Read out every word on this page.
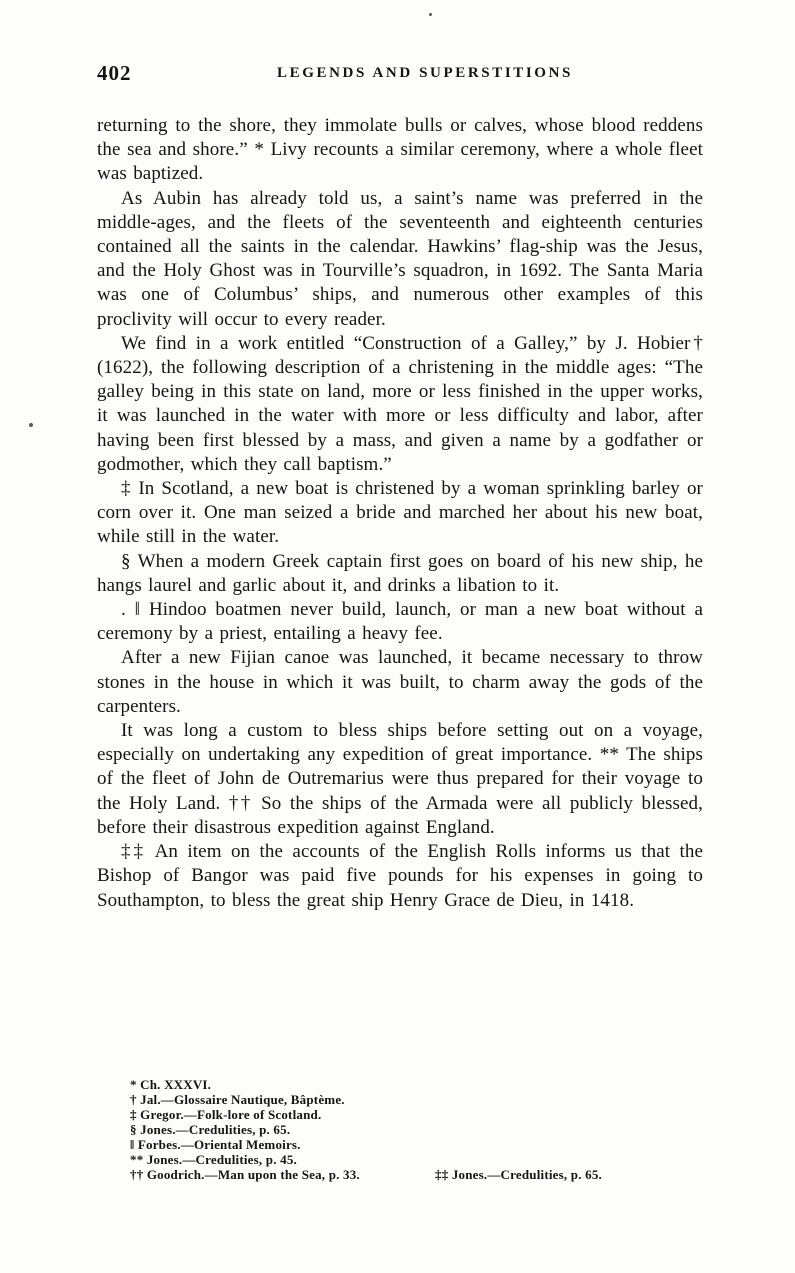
402	LEGENDS AND SUPERSTITIONS

returning to the shore, they immolate bulls or calves, whose blood reddens the sea and shore.” * Livy recounts a similar ceremony, where a whole fleet was baptized.

As Aubin has already told us, a saint’s name was preferred in the middle-ages, and the fleets of the seventeenth and eighteenth centuries contained all the saints in the calendar. Hawkins’ flag-ship was the Jesus, and the Holy Ghost was in Tourville’s squadron, in 1692. The Santa Maria was one of Columbus’ ships, and numerous other examples of this proclivity will occur to every reader.

We find in a work entitled “Construction of a Galley,” by J. Hobier† (1622), the following description of a christening in the middle ages: “The galley being in this state on land, more or less finished in the upper works, it was launched in the water with more or less difficulty and labor, after having been first blessed by a mass, and given a name by a godfather or godmother, which they call baptism.”

‡ In Scotland, a new boat is christened by a woman sprinkling barley or corn over it. One man seized a bride and marched her about his new boat, while still in the water.

§ When a modern Greek captain first goes on board of his new ship, he hangs laurel and garlic about it, and drinks a libation to it.

. ‖ Hindoo boatmen never build, launch, or man a new boat without a ceremony by a priest, entailing a heavy fee.

After a new Fijian canoe was launched, it became necessary to throw stones in the house in which it was built, to charm away the gods of the carpenters.

It was long a custom to bless ships before setting out on a voyage, especially on undertaking any expedition of great importance. ** The ships of the fleet of John de Outremarius were thus prepared for their voyage to the Holy Land. †† So the ships of the Armada were all publicly blessed, before their disastrous expedition against England.

‡‡ An item on the accounts of the English Rolls informs us that the Bishop of Bangor was paid five pounds for his expenses in going to Southampton, to bless the great ship Henry Grace de Dieu, in 1418.

* Ch. XXXVI.
† Jal.—Glossaire Nautique, Bâptème.
‡ Gregor.—Folk-lore of Scotland.
§ Jones.—Credulities, p. 65.
‖ Forbes.—Oriental Memoirs.
** Jones.—Credulities, p. 45.
†† Goodrich.—Man upon the Sea, p. 33.	‡‡ Jones.—Credulities, p. 65.
